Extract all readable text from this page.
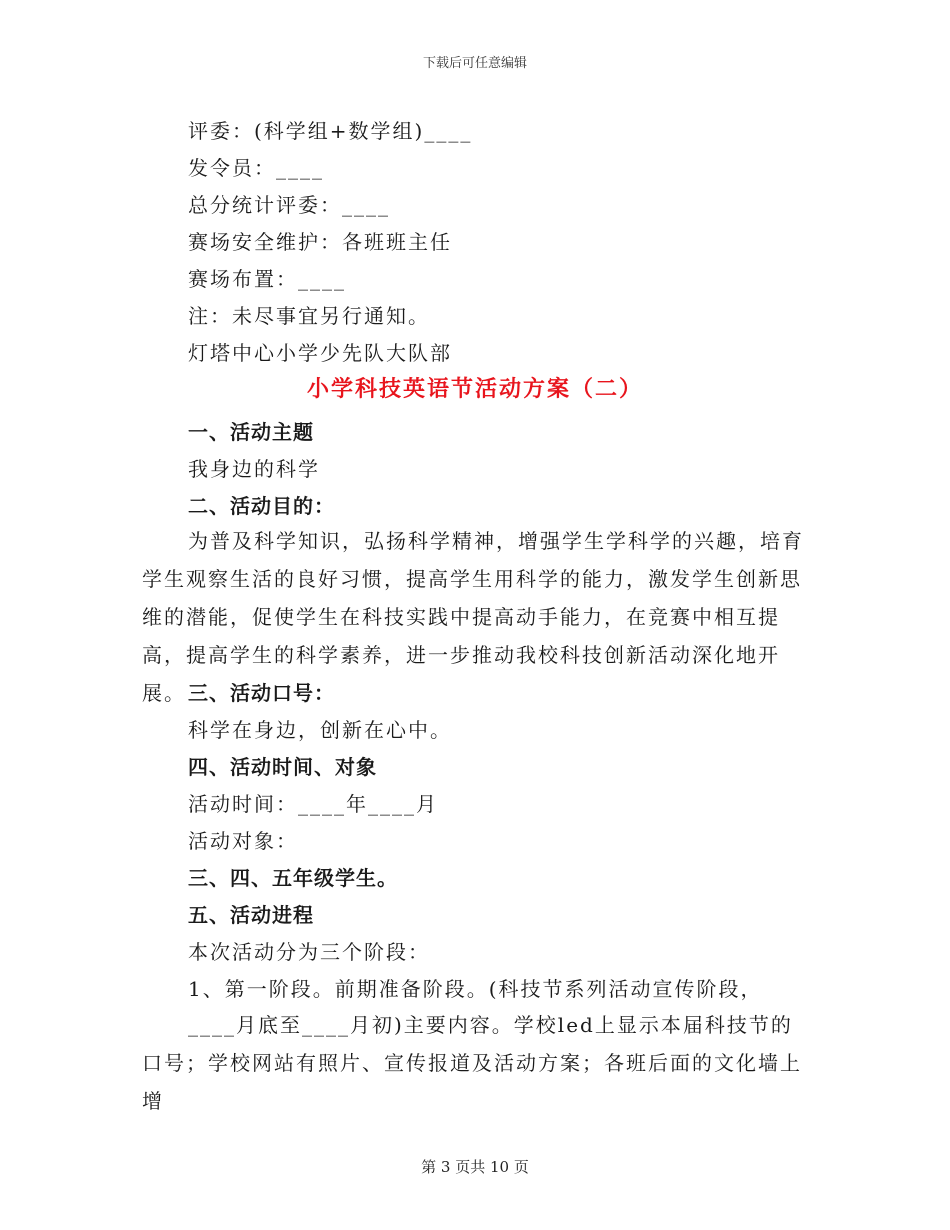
下载后可任意编辑
评委：(科学组+数学组)____
发令员：____
总分统计评委：____
赛场安全维护：各班班主任
赛场布置：____
注：未尽事宜另行通知。
灯塔中心小学少先队大队部
小学科技英语节活动方案（二）
一、活动主题
我身边的科学
二、活动目的：
为普及科学知识，弘扬科学精神，增强学生学科学的兴趣，培育学生观察生活的良好习惯，提高学生用科学的能力，激发学生创新思维的潜能，促使学生在科技实践中提高动手能力，在竞赛中相互提高，提高学生的科学素养，进一步推动我校科技创新活动深化地开展。 三、活动口号：
科学在身边，创新在心中。
四、活动时间、对象
活动时间：____年____月
活动对象：
三、四、五年级学生。
五、活动进程
本次活动分为三个阶段：
1、第一阶段。前期准备阶段。(科技节系列活动宣传阶段，
____月底至____月初)主要内容。学校led上显示本届科技节的口号；学校网站有照片、宣传报道及活动方案；各班后面的文化墙上增
第 3 页共 10 页
